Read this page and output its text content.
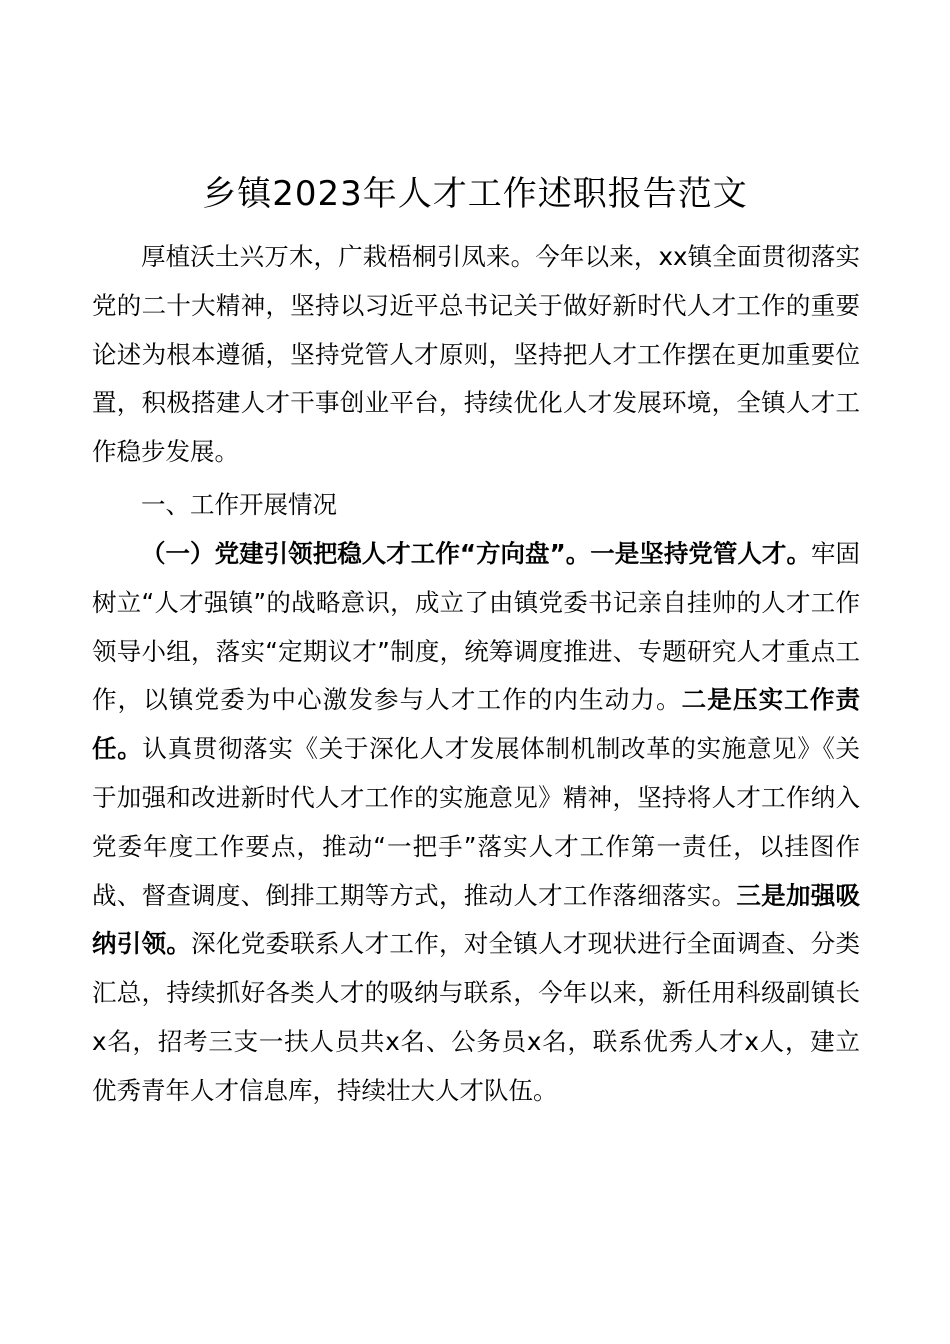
乡镇2023年人才工作述职报告范文

厚植沃土兴万木，广栽梧桐引凤来。今年以来，xx镇全面贯彻落实党的二十大精神，坚持以习近平总书记关于做好新时代人才工作的重要论述为根本遵循，坚持党管人才原则，坚持把人才工作摆在更加重要位置，积极搭建人才干事创业平台，持续优化人才发展环境，全镇人才工作稳步发展。

一、工作开展情况

（一）党建引领把稳人才工作“方向盘”。一是坚持党管人才。牢固树立“人才强镇”的战略意识，成立了由镇党委书记亲自挂帅的人才工作领导小组，落实“定期议才”制度，统筹调度推进、专题研究人才重点工作，以镇党委为中心激发参与人才工作的内生动力。二是压实工作责任。认真贯彻落实《关于深化人才发展体制机制改革的实施意见》《关于加强和改进新时代人才工作的实施意见》精神，坚持将人才工作纳入党委年度工作要点，推动“一把手”落实人才工作第一责任，以挂图作战、督查调度、倒排工期等方式，推动人才工作落细落实。三是加强吸纳引领。深化党委联系人才工作，对全镇人才现状进行全面调查、分类汇总，持续抓好各类人才的吸纳与联系，今年以来，新任用科级副镇长x名，招考三支一扶人员共x名、公务员x名，联系优秀人才x人，建立优秀青年人才信息库，持续壮大人才队伍。
